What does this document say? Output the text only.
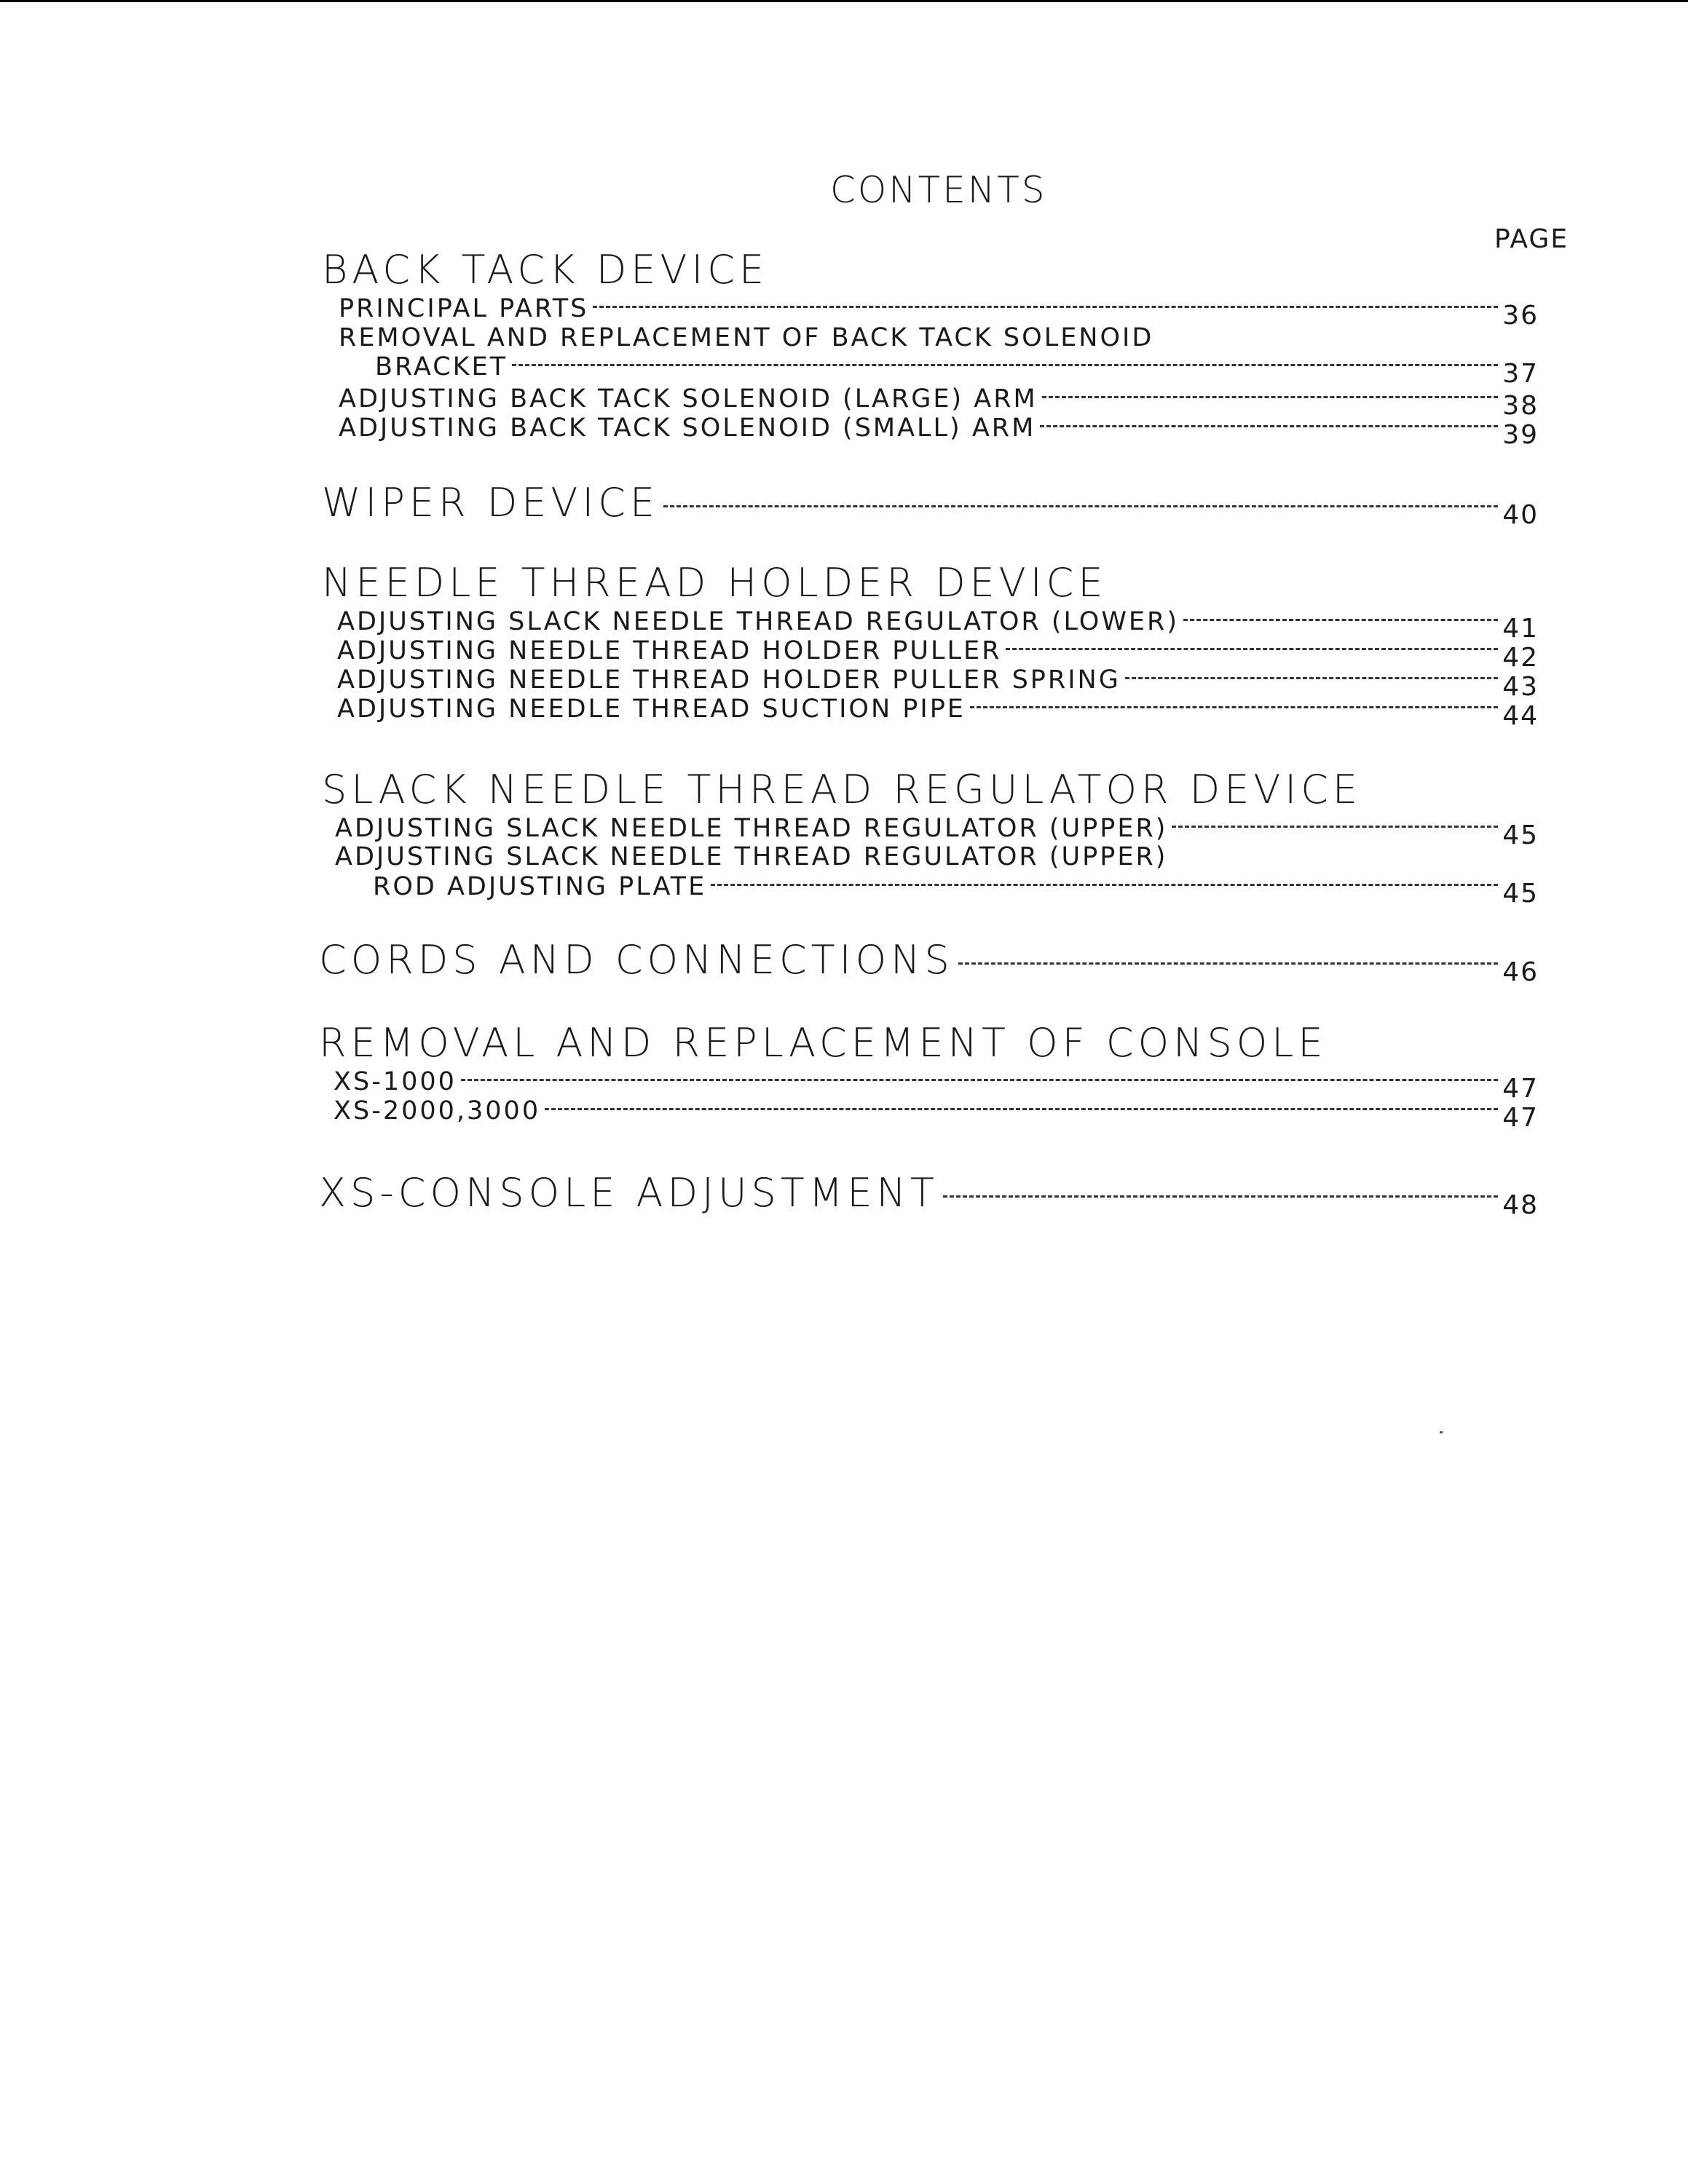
CONTENTS
PAGE
BACK TACK DEVICE
PRINCIPAL PARTS	36
REMOVAL AND REPLACEMENT OF BACK TACK SOLENOID
BRACKET	37
ADJUSTING BACK TACK SOLENOID (LARGE) ARM	38
ADJUSTING BACK TACK SOLENOID (SMALL) ARM	39
WIPER DEVICE	40
NEEDLE THREAD HOLDER DEVICE
ADJUSTING SLACK NEEDLE THREAD REGULATOR (LOWER)	41
ADJUSTING NEEDLE THREAD HOLDER PULLER	42
ADJUSTING NEEDLE THREAD HOLDER PULLER SPRING	43
ADJUSTING NEEDLE THREAD SUCTION PIPE	44
SLACK NEEDLE THREAD REGULATOR DEVICE
ADJUSTING SLACK NEEDLE THREAD REGULATOR (UPPER)	45
ADJUSTING SLACK NEEDLE THREAD REGULATOR (UPPER)
ROD ADJUSTING PLATE	45
CORDS AND CONNECTIONS	46
REMOVAL AND REPLACEMENT OF CONSOLE
XS-1000	47
XS-2000,3000	47
XS-CONSOLE ADJUSTMENT	48
